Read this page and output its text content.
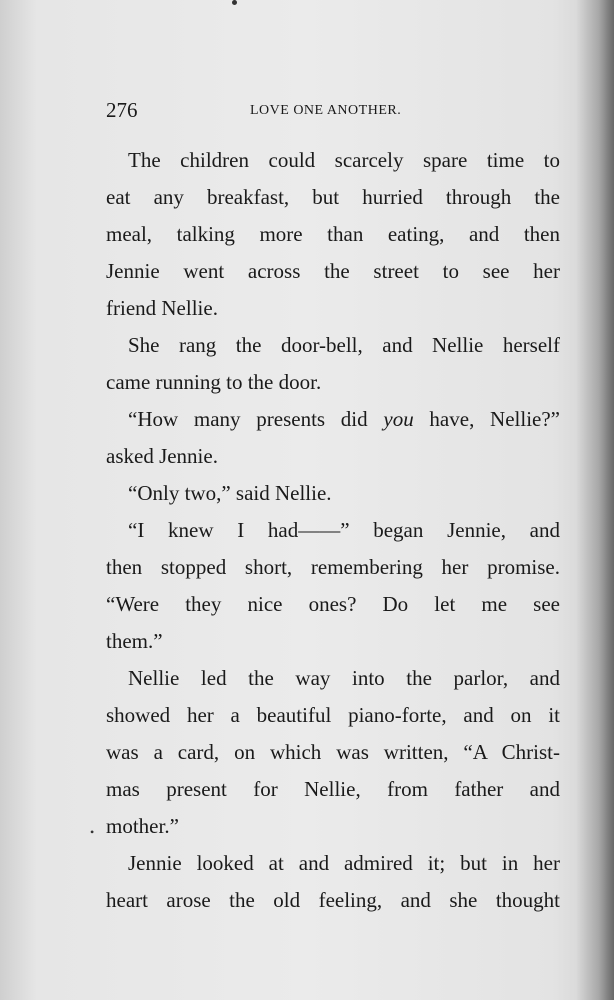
276	LOVE ONE ANOTHER.
•
The children could scarcely spare time to
eat any breakfast, but hurried through the
meal, talking more than eating, and then
Jennie went across the street to see her
friend Nellie.
She rang the door-bell, and Nellie herself
came running to the door.
“How many presents did you have, Nellie?”
asked Jennie.
“Only two,” said Nellie.
“I knew I had——” began Jennie, and
then stopped short, remembering her promise.
“Were they nice ones? Do let me see
them.”
Nellie led the way into the parlor, and
showed her a beautiful piano-forte, and on it
was a card, on which was written, “A Christ-
mas present for Nellie, from father and
mother.”
Jennie looked at and admired it; but in her
heart arose the old feeling, and she thought
